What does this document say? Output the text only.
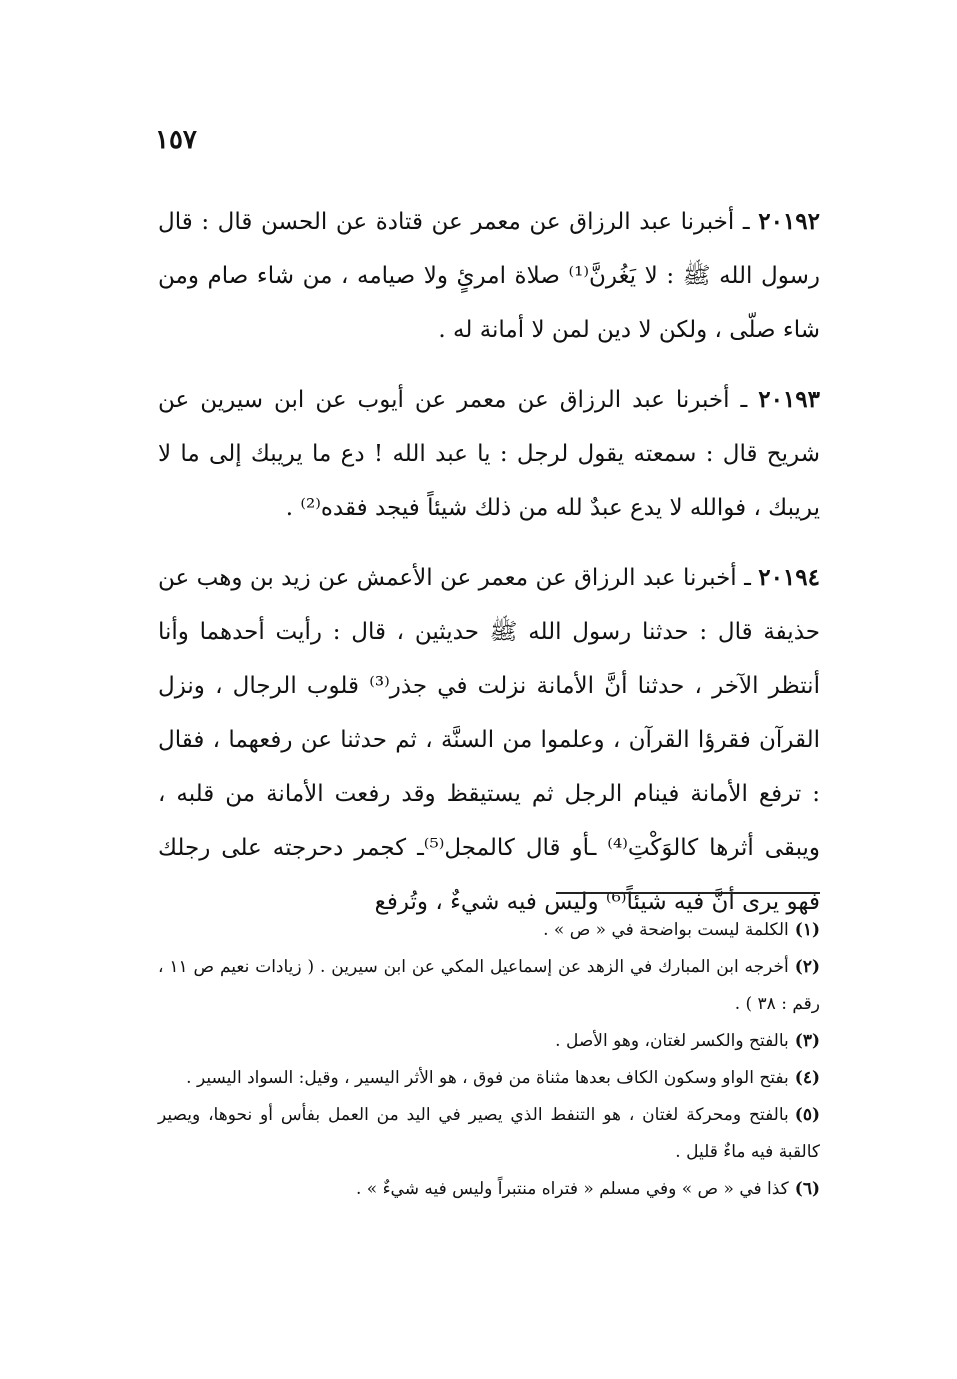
١٥٧

٢٠١٩٢ ـ أخبرنا عبد الرزاق عن معمر عن قتادة عن الحسن قال : قال رسول الله ﷺ : لا يَغُرنَّ⁽¹⁾ صلاة امرئٍ ولا صيامه ، من شاء صام ومن شاء صلّى ، ولكن لا دين لمن لا أمانة له .

٢٠١٩٣ ـ أخبرنا عبد الرزاق عن معمر عن أيوب عن ابن سيرين عن شريح قال : سمعته يقول لرجل : يا عبد الله ! دع ما يريبك إلى ما لا يريبك ، فوالله لا يدع عبدٌ لله من ذلك شيئاً فيجد فقده⁽²⁾ .

٢٠١٩٤ ـ أخبرنا عبد الرزاق عن معمر عن الأعمش عن زيد بن وهب عن حذيفة قال : حدثنا رسول الله ﷺ حديثين ، قال : رأيت أحدهما وأنا أنتظر الآخر ، حدثنا أنَّ الأمانة نزلت في جذر⁽³⁾ قلوب الرجال ، ونزل القرآن فقرؤا القرآن ، وعلموا من السنَّة ، ثم حدثنا عن رفعهما ، فقال : ترفع الأمانة فينام الرجل ثم يستيقظ وقد رفعت الأمانة من قلبه ، ويبقى أثرها كالوَكْتِ⁽⁴⁾ ـأو قال كالمجل⁽⁵⁾ـ كجمر دحرجته على رجلك فهو يرى أنَّ فيه شيئاً⁽⁶⁾ وليس فيه شيءٌ ، وتُرفع

(١)الكلمة ليست بواضحة في « ص » .

(٢)أخرجه ابن المبارك في الزهد عن إسماعيل المكي عن ابن سيرين . ( زيادات نعيم ص ١١ ، رقم : ٣٨ ) .

(٣)بالفتح والكسر لغتان، وهو الأصل .

(٤)بفتح الواو وسكون الكاف بعدها مثناة من فوق ، هو الأثر اليسير ، وقيل: السواد اليسير .

(٥)بالفتح ومحركة لغتان ، هو التنفط الذي يصير في اليد من العمل بفأس أو نحوها، ويصير كالقبة فيه ماءٌ قليل .

(٦)كذا في « ص » وفي مسلم « فتراه منتبراً وليس فيه شيءٌ » .
